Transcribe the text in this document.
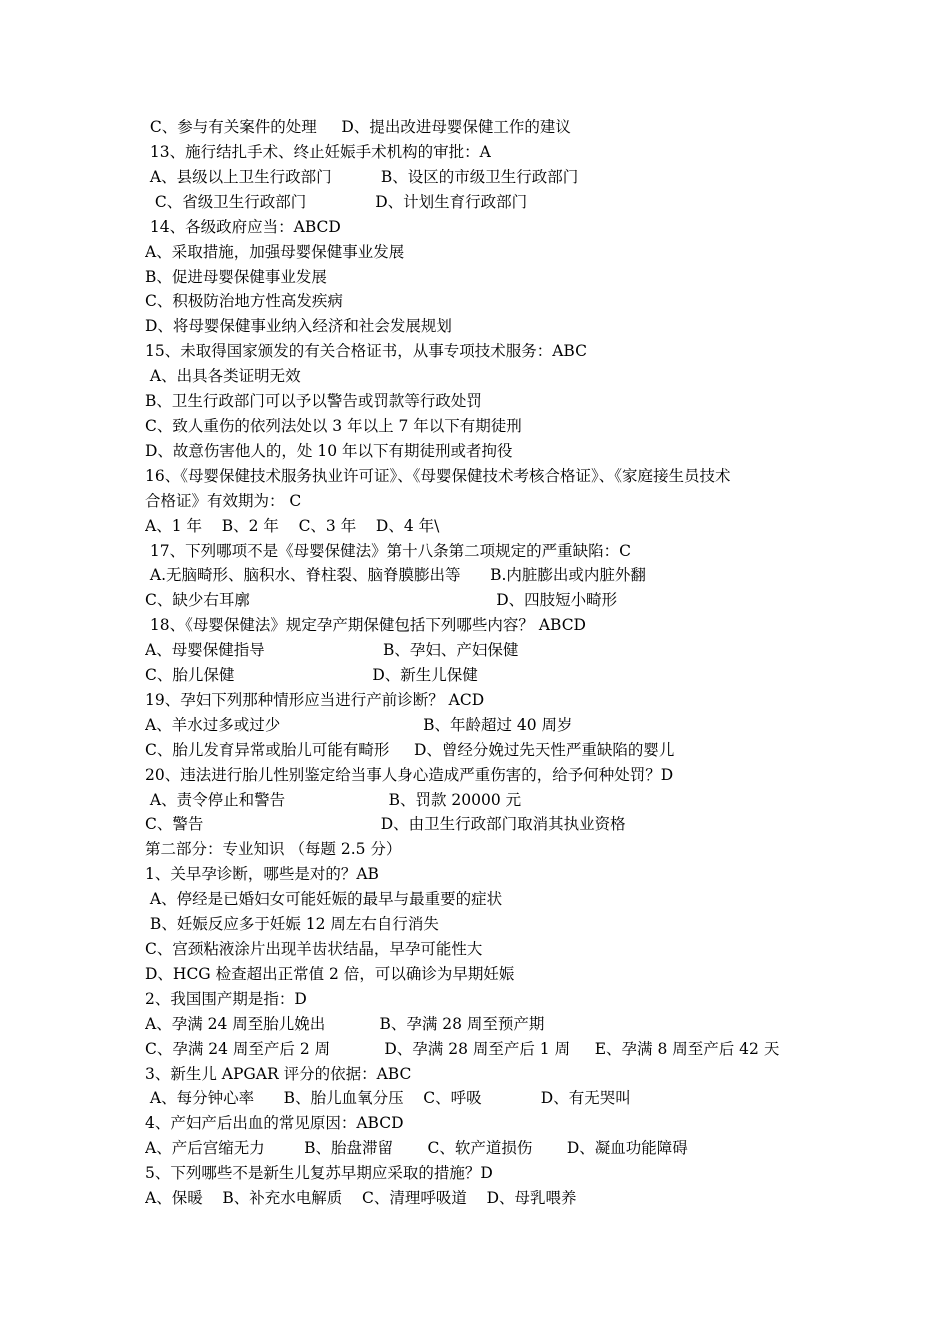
C、参与有关案件的处理     D、提出改进母婴保健工作的建议
13、施行结扎手术、终止妊娠手术机构的审批：A
A、县级以上卫生行政部门          B、设区的市级卫生行政部门
C、省级卫生行政部门              D、计划生育行政部门
14、各级政府应当：ABCD
A、采取措施，加强母婴保健事业发展
B、促进母婴保健事业发展
C、积极防治地方性高发疾病
D、将母婴保健事业纳入经济和社会发展规划
15、未取得国家颁发的有关合格证书，从事专项技术服务：ABC
A、出具各类证明无效
B、卫生行政部门可以予以警告或罚款等行政处罚
C、致人重伤的依列法处以 3 年以上 7 年以下有期徒刑
D、故意伤害他人的，处 10 年以下有期徒刑或者拘役
16、《母婴保健技术服务执业许可证》、《母婴保健技术考核合格证》、《家庭接生员技术
合格证》有效期为： C
A、1 年    B、2 年    C、3 年    D、4 年\
17、下列哪项不是《母婴保健法》第十八条第二项规定的严重缺陷：C
A.无脑畸形、脑积水、脊柱裂、脑脊膜膨出等      B.内脏膨出或内脏外翻
C、缺少右耳廓                                                  D、四肢短小畸形
18、《母婴保健法》规定孕产期保健包括下列哪些内容？ ABCD
A、母婴保健指导                        B、孕妇、产妇保健
C、胎儿保健                            D、新生儿保健
19、孕妇下列那种情形应当进行产前诊断？ ACD
A、羊水过多或过少                             B、年龄超过 40 周岁
C、胎儿发育异常或胎儿可能有畸形     D、曾经分娩过先天性严重缺陷的婴儿
20、违法进行胎儿性别鉴定给当事人身心造成严重伤害的，给予何种处罚？D
A、责令停止和警告                     B、罚款 20000 元
C、警告                                    D、由卫生行政部门取消其执业资格
第二部分：专业知识 （每题 2.5 分）
1、关早孕诊断，哪些是对的？AB
A、停经是已婚妇女可能妊娠的最早与最重要的症状
B、妊娠反应多于妊娠 12 周左右自行消失
C、宫颈粘液涂片出现羊齿状结晶，早孕可能性大
D、HCG 检查超出正常值 2 倍，可以确诊为早期妊娠
2、我国围产期是指：D
A、孕满 24 周至胎儿娩出           B、孕满 28 周至预产期
C、孕满 24 周至产后 2 周           D、孕满 28 周至产后 1 周     E、孕满 8 周至产后 42 天
3、新生儿 APGAR 评分的依据：ABC
A、每分钟心率      B、胎儿血氧分压    C、呼吸            D、有无哭叫
4、产妇产后出血的常见原因：ABCD
A、产后宫缩无力        B、胎盘滞留       C、软产道损伤       D、凝血功能障碍
5、下列哪些不是新生儿复苏早期应采取的措施？D
A、保暖    B、补充水电解质    C、清理呼吸道    D、母乳喂养
